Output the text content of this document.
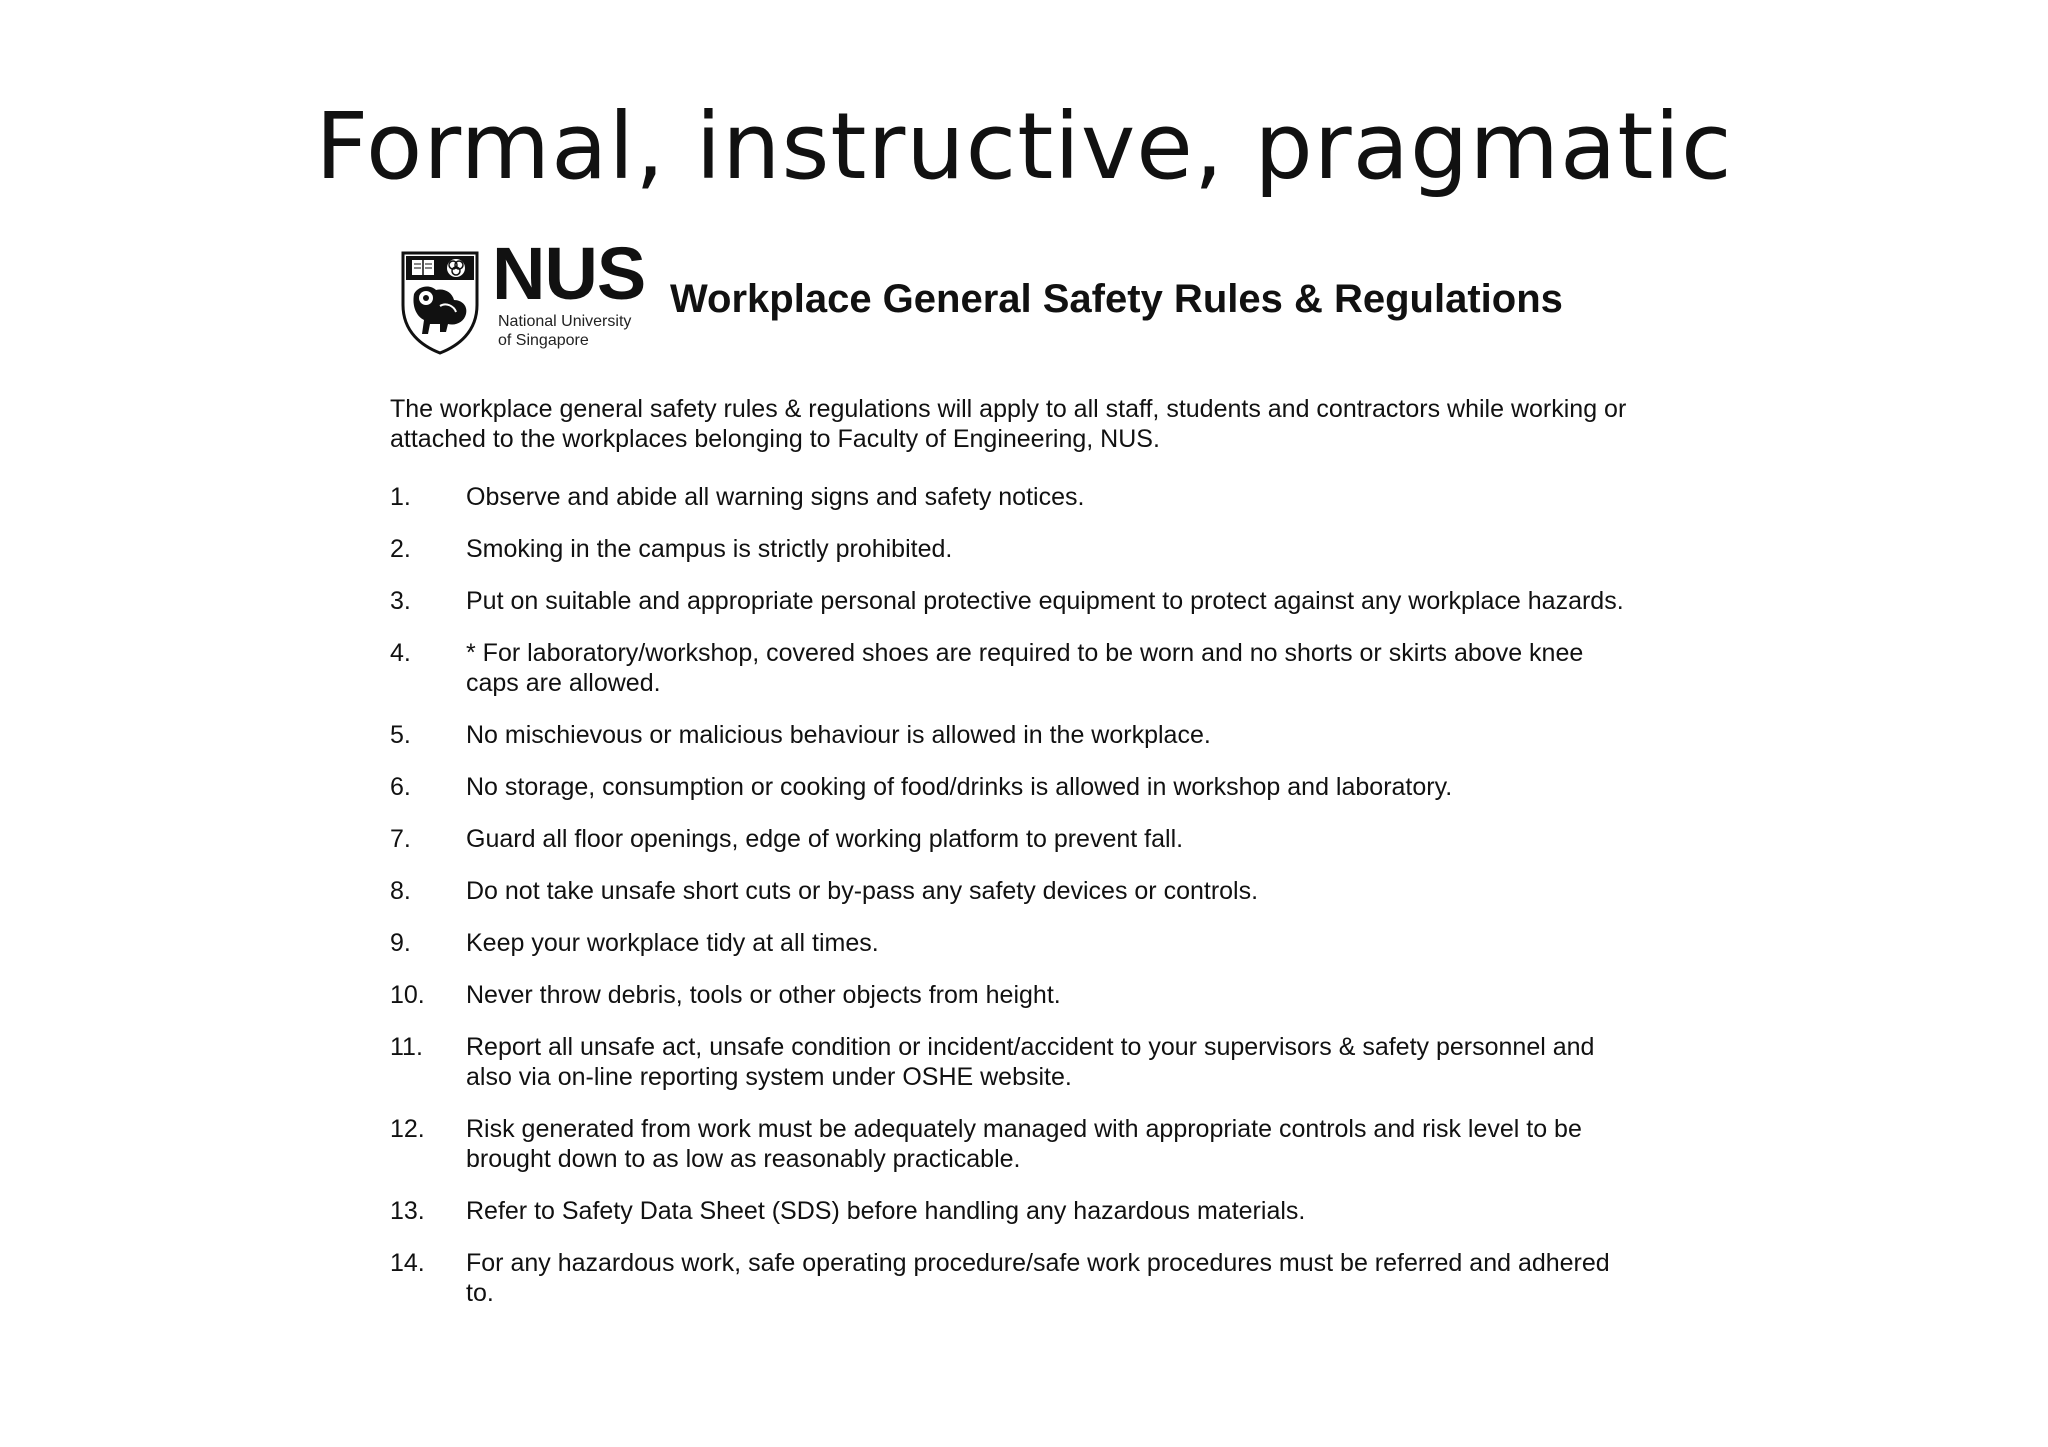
Formal, instructive, pragmatic
NUS
National University
of Singapore
Workplace General Safety Rules & Regulations

The workplace general safety rules & regulations will apply to all staff, students and contractors while working or attached to the workplaces belonging to Faculty of Engineering, NUS.

1.	Observe and abide all warning signs and safety notices.
2.	Smoking in the campus is strictly prohibited.
3.	Put on suitable and appropriate personal protective equipment to protect against any workplace hazards.
4.	* For laboratory/workshop, covered shoes are required to be worn and no shorts or skirts above knee caps are allowed.
5.	No mischievous or malicious behaviour is allowed in the workplace.
6.	No storage, consumption or cooking of food/drinks is allowed in workshop and laboratory.
7.	Guard all floor openings, edge of working platform to prevent fall.
8.	Do not take unsafe short cuts or by-pass any safety devices or controls.
9.	Keep your workplace tidy at all times.
10.	Never throw debris, tools or other objects from height.
11.	Report all unsafe act, unsafe condition or incident/accident to your supervisors & safety personnel and also via on-line reporting system under OSHE website.
12.	Risk generated from work must be adequately managed with appropriate controls and risk level to be brought down to as low as reasonably practicable.
13.	Refer to Safety Data Sheet (SDS) before handling any hazardous materials.
14.	For any hazardous work, safe operating procedure/safe work procedures must be referred and adhered to.
